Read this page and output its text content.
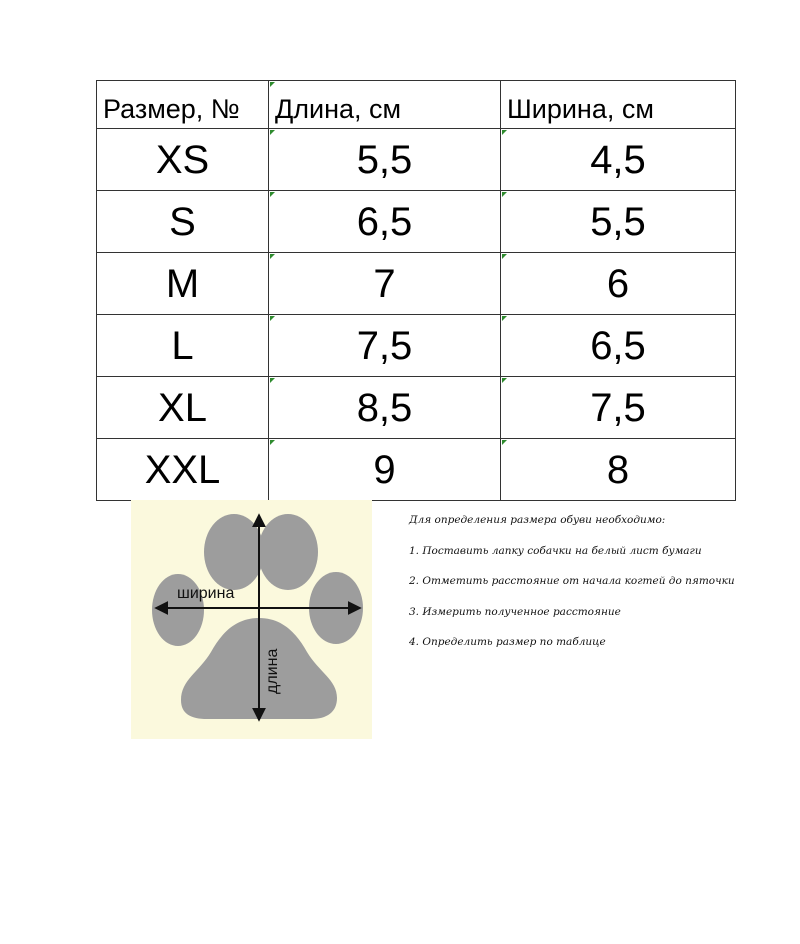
Размер, №	Длина, см	Ширина, см
XS	5,5	4,5
S	6,5	5,5
M	7	6
L	7,5	6,5
XL	8,5	7,5
XXL	9	8
ширина
длина

Для определения размера обуви необходимо:

1. Поставить лапку собачки на белый лист бумаги

2. Отметить расстояние от начала когтей до пяточки

3. Измерить полученное расстояние

4. Определить размер по таблице
